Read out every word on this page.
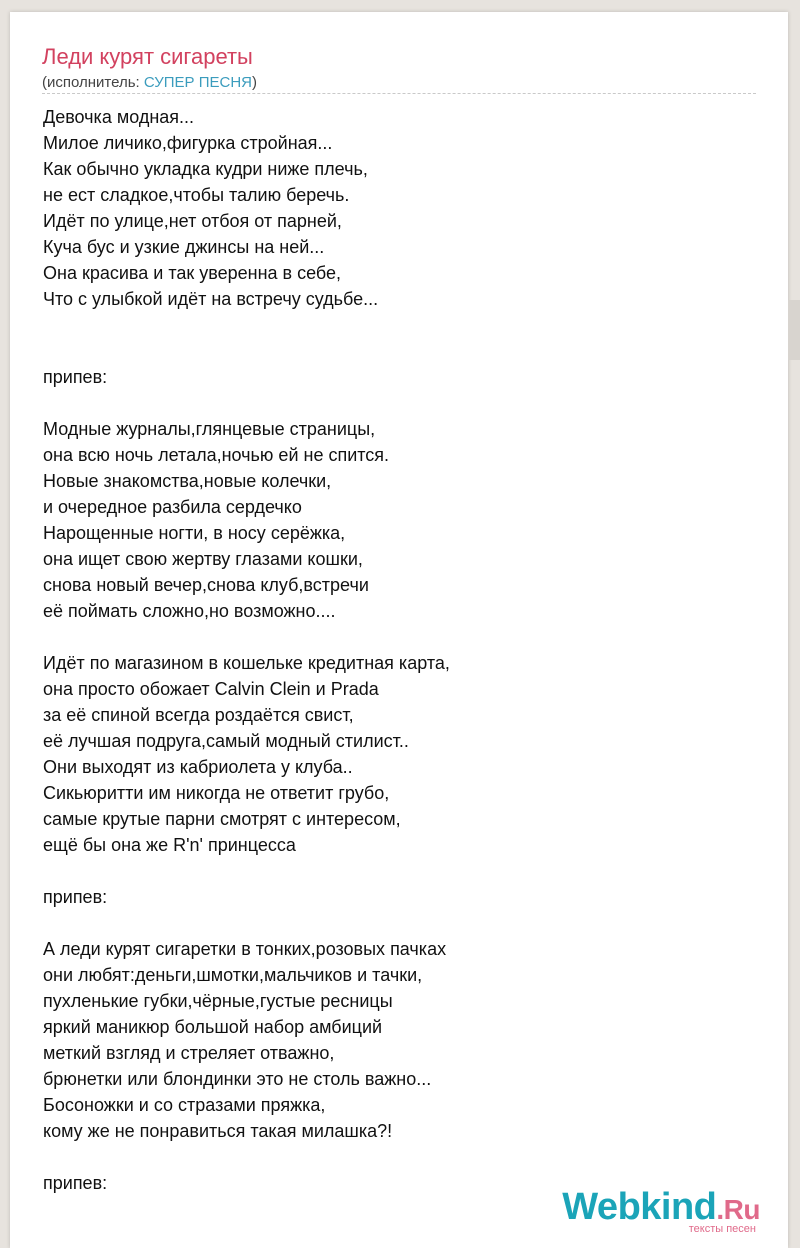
Леди курят сигареты
(исполнитель: СУПЕР ПЕСНЯ)
Девочка модная...
Милое личико,фигурка стройная...
Как обычно укладка кудри ниже плечь,
не ест сладкое,чтобы талию беречь.
Идёт по улице,нет отбоя от парней,
Куча бус и узкие джинсы на ней...
Она красива и так уверенна в себе,
Что с улыбкой идёт на встречу судьбе...
припев:
Модные журналы,глянцевые страницы,
она всю ночь летала,ночью ей не спится.
Новые знакомства,новые колечки,
и очередное разбила сердечко
Нарощенные ногти, в носу серёжка,
она ищет свою жертву глазами кошки,
снова новый вечер,снова клуб,встречи
её поймать сложно,но возможно....
Идёт по магазином в кошельке кредитная карта,
она просто обожает Calvin Clein и Prada
за её спиной всегда роздаётся свист,
её лучшая подруга,самый модный стилист..
Они выходят из кабриолета у клуба..
Сикьюритти им никогда не ответит грубо,
самые крутые парни смотрят с интересом,
ещё бы она же R'n' принцесса
припев:
А леди курят сигаретки в тонких,розовых пачках
они любят:деньги,шмотки,мальчиков и тачки,
пухленькие губки,чёрные,густые ресницы
яркий маникюр большой набор амбиций
меткий взгляд и стреляет отважно,
брюнетки или блондинки это не столь важно...
Босоножки и со стразами пряжка,
кому же не понравиться такая милашка?!
припев:
Webkind.Ru
тексты песен
